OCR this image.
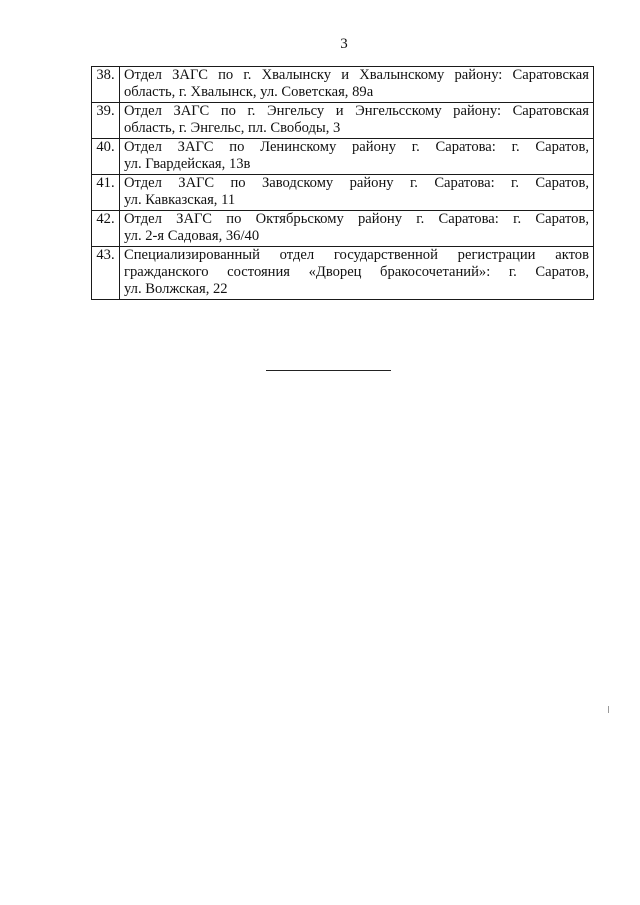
3
38.	Отдел ЗАГС по г. Хвалынску и Хвалынскому району: Саратовская
область, г. Хвалынск, ул. Советская, 89а

39.	Отдел ЗАГС по г. Энгельсу и Энгельсскому району: Саратовская
область, г. Энгельс, пл. Свободы, 3

40.	Отдел ЗАГС по Ленинскому району г. Саратова: г. Саратов,
ул. Гвардейская, 13в

41.	Отдел ЗАГС по Заводскому району г. Саратова: г. Саратов,
ул. Кавказская, 11

42.	Отдел ЗАГС по Октябрьскому району г. Саратова: г. Саратов,
ул. 2-я Садовая, 36/40

43.	Специализированный отдел государственной регистрации актов
гражданского состояния «Дворец бракосочетаний»: г. Саратов,
ул. Волжская, 22
